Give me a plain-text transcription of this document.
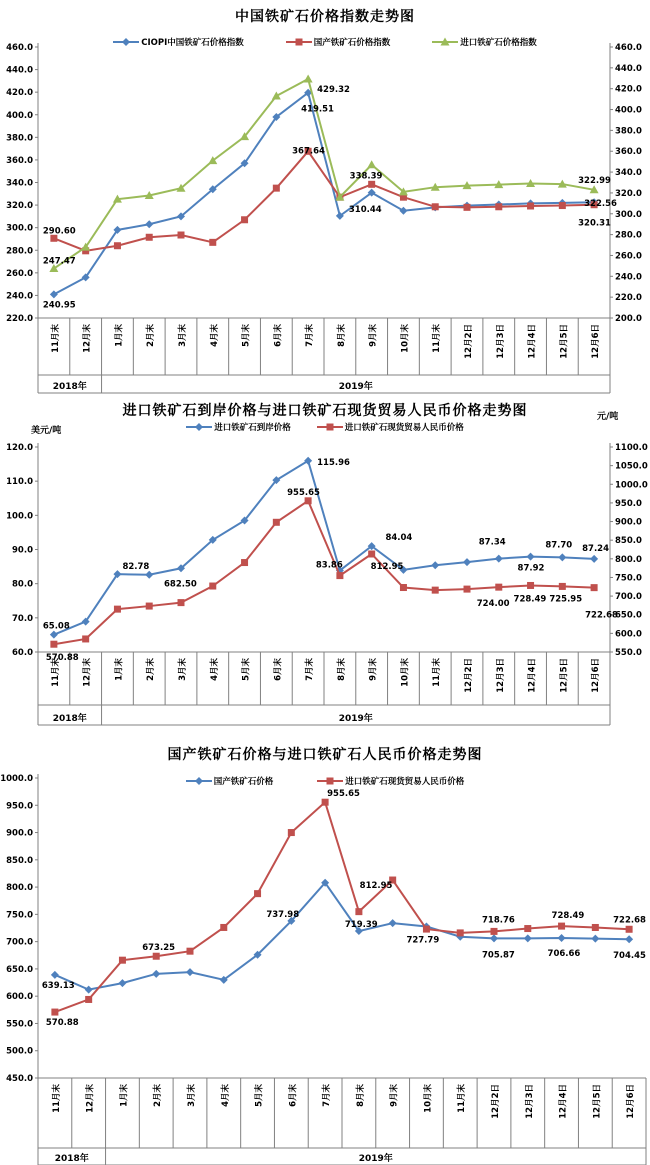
中国铁矿石价格指数走势图
CIOPI中国铁矿石价格指数	国产铁矿石价格指数	进口铁矿石价格指数
220.0
240.0
260.0
280.0
300.0
320.0
340.0
360.0
380.0
400.0
420.0
440.0
460.0
200.0
220.0
240.0
260.0
280.0
300.0
320.0
340.0
360.0
380.0
400.0
420.0
440.0
460.0
11月末	12月末	1月末	2月末	3月末	4月末	5月末	6月末	7月末	8月末	9月末	10月末	11月末	12月2日	12月3日	12月4日	12月5日	12月6日
2018年	2019年
290.60
247.47
240.95
429.32
419.51
367.64
310.44
338.39	322.99
322.56
320.31
进口铁矿石到岸价格与进口铁矿石现货贸易人民币价格走势图
美元/吨
元/吨
进口铁矿石到岸价格	进口铁矿石现货贸易人民币价格
60.0
70.0
80.0
90.0
100.0
110.0
120.0
550.0
600.0
650.0
700.0
750.0
800.0
850.0
900.0
950.0
1000.0
1050.0
1100.0
11月末	12月末	1月末	2月末	3月末	4月末	5月末	6月末	7月末	8月末	9月末	10月末	11月末	12月2日	12月3日	12月4日	12月5日	12月6日
2018年	2019年
65.08
570.88
82.78
682.50
115.96
955.65
83.86	812.95
84.04	87.34
87.92
87.70 87.24
724.00 728.49 725.95
722.68
国产铁矿石价格与进口铁矿石人民币价格走势图
国产铁矿石价格	进口铁矿石现货贸易人民币价格
450.0
500.0
550.0
600.0
650.0
700.0
750.0
800.0
850.0
900.0
950.0
1000.0
11月末	12月末	1月末	2月末	3月末	4月末	5月末	6月末	7月末	8月末	9月末	10月末	11月末	12月2日	12月3日	12月4日	12月5日	12月6日
2018年	2019年
639.13
570.88
673.25
737.98
955.65
719.39
812.95
727.79
718.76
705.87
728.49
706.66
722.68
704.45
